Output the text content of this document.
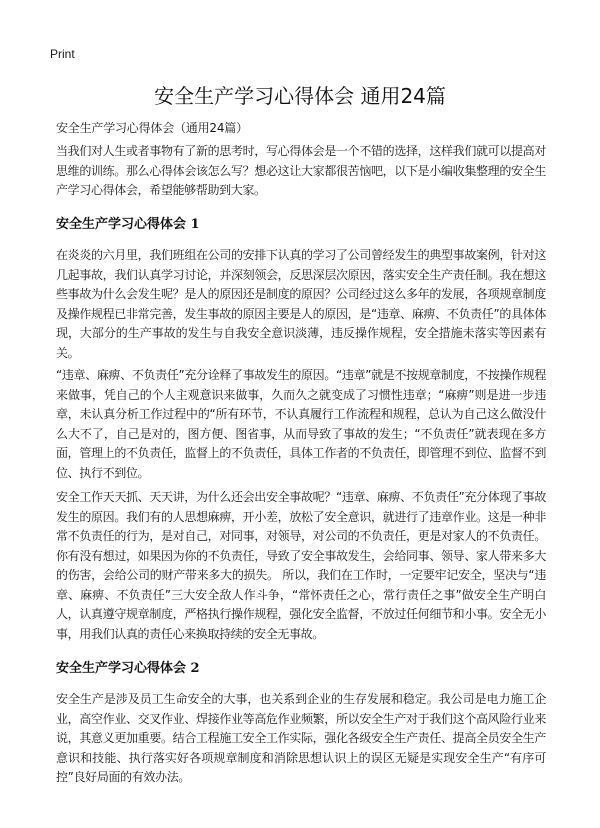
Print
安全生产学习心得体会 通用24篇
安全生产学习心得体会（通用24篇）

当我们对人生或者事物有了新的思考时，写心得体会是一个不错的选择，这样我们就可以提高对思维的训练。那么心得体会该怎么写？想必这让大家都很苦恼吧，以下是小编收集整理的安全生产学习心得体会，希望能够帮助到大家。

安全生产学习心得体会 1

在炎炎的六月里，我们班组在公司的安排下认真的学习了公司曾经发生的典型事故案例，针对这几起事故，我们认真学习讨论，并深刻领会，反思深层次原因，落实安全生产责任制。我在想这些事故为什么会发生呢？是人的原因还是制度的原因？公司经过这么多年的发展，各项规章制度及操作规程已非常完善，发生事故的原因主要是人的原因，是“违章、麻痹、不负责任”的具体体现，大部分的生产事故的发生与自我安全意识淡薄，违反操作规程，安全措施未落实等因素有关。

“违章、麻痹、不负责任”充分诠释了事故发生的原因。“违章”就是不按规章制度，不按操作规程来做事，凭自己的个人主观意识来做事，久而久之就变成了习惯性违章；“麻痹”则是进一步违章，未认真分析工作过程中的“所有环节，不认真履行工作流程和规程，总认为自己这么做没什么大不了，自己是对的，图方便、图省事，从而导致了事故的发生；“不负责任”就表现在多方面，管理上的不负责任，监督上的不负责任，具体工作者的不负责任，即管理不到位、监督不到位、执行不到位。

安全工作天天抓、天天讲，为什么还会出安全事故呢？“违章、麻痹、不负责任”充分体现了事故发生的原因。我们有的人思想麻痹，开小差，放松了安全意识，就进行了违章作业。这是一种非常不负责任的行为，是对自己，对同事，对领导，对公司的不负责任，更是对家人的不负责任。你有没有想过，如果因为你的不负责任，导致了安全事故发生，会给同事、领导、家人带来多大的伤害，会给公司的财产带来多大的损失。 所以，我们在工作时，一定要牢记安全，坚决与“违章、麻痹、不负责任”三大安全敌人作斗争，“常怀责任之心，常行责任之事”做安全生产明白人，认真遵守规章制度，严格执行操作规程，强化安全监督，不放过任何细节和小事。安全无小事，用我们认真的责任心来换取持续的安全无事故。

安全生产学习心得体会 2

安全生产是涉及员工生命安全的大事，也关系到企业的生存发展和稳定。我公司是电力施工企业，高空作业、交叉作业、焊接作业等高危作业频繁，所以安全生产对于我们这个高风险行业来说，其意义更加重要。结合工程施工安全工作实际，强化各级安全生产责任、提高全员安全生产意识和技能、执行落实好各项规章制度和消除思想认识上的误区无疑是实现安全生产“有序可控”良好局面的有效办法。
